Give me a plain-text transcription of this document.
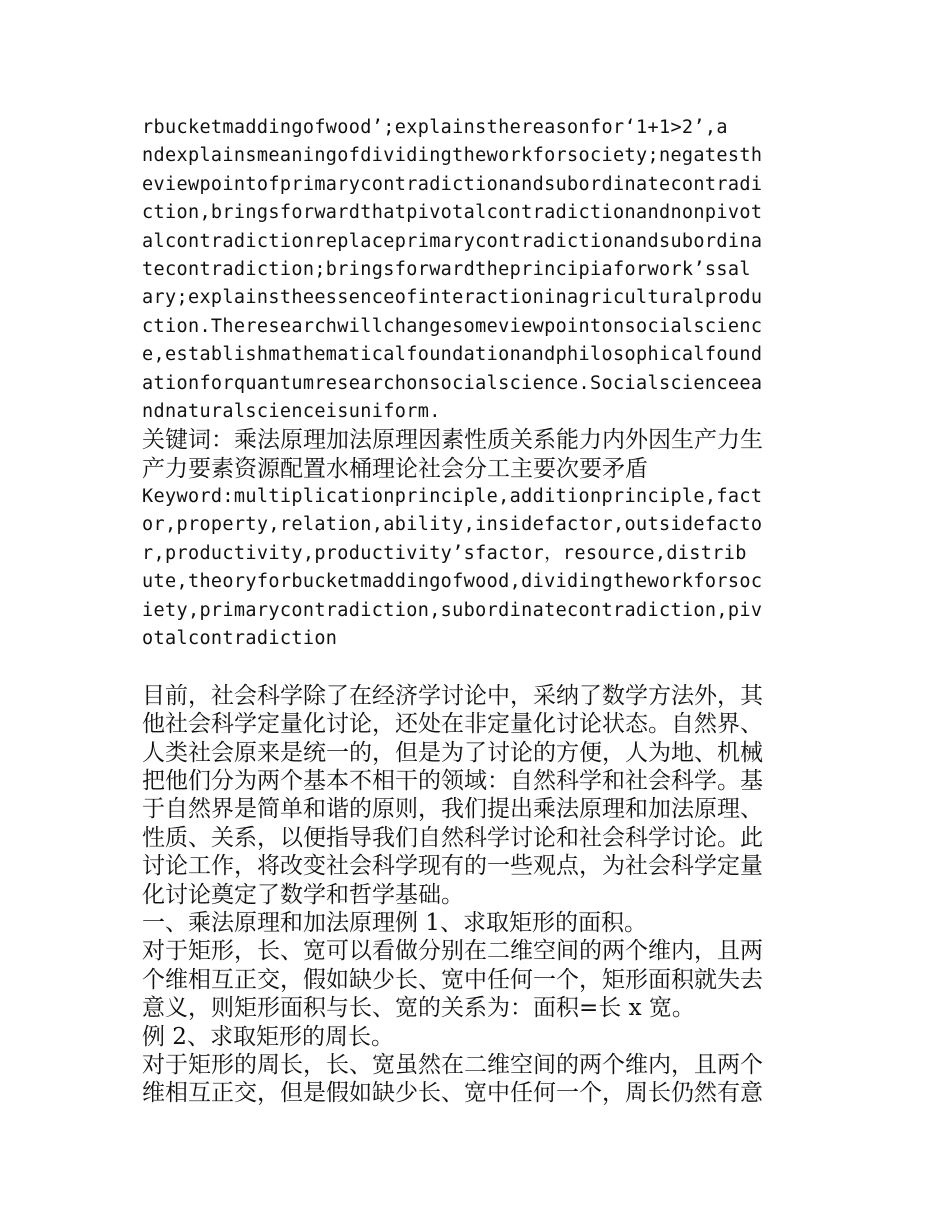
rbucketmaddingofwood’;explainsthereasonfor‘1+1>2’,a
ndexplainsmeaningofdividingtheworkforsociety;negatesth
eviewpointofprimarycontradictionandsubordinatecontradi
ction,bringsforwardthatpivotalcontradictionandnonpivot
alcontradictionreplaceprimarycontradictionandsubordina
tecontradiction;bringsforwardtheprincipiaforwork’ssal
ary;explainstheessenceofinteractioninagriculturalprodu
ction.Theresearchwillchangesomeviewpointonsocialscienc
e,establishmathematicalfoundationandphilosophicalfound
ationforquantumresearchonsocialscience.Socialscienceea
ndnaturalscienceisuniform.
关键词：乘法原理加法原理因素性质关系能力内外因生产力生
产力要素资源配置水桶理论社会分工主要次要矛盾
Keyword:multiplicationprinciple,additionprinciple,fact
or,property,relation,ability,insidefactor,outsidefacto
r,productivity,productivity’sfactor，resource,distrib
ute,theoryforbucketmaddingofwood,dividingtheworkforsoc
iety,primarycontradiction,subordinatecontradiction,piv
otalcontradiction
目前，社会科学除了在经济学讨论中，采纳了数学方法外，其
他社会科学定量化讨论，还处在非定量化讨论状态。自然界、
人类社会原来是统一的，但是为了讨论的方便，人为地、机械
把他们分为两个基本不相干的领域：自然科学和社会科学。基
于自然界是简单和谐的原则，我们提出乘法原理和加法原理、
性质、关系，以便指导我们自然科学讨论和社会科学讨论。此
讨论工作，将改变社会科学现有的一些观点，为社会科学定量
化讨论奠定了数学和哲学基础。
一、乘法原理和加法原理例 1、求取矩形的面积。
对于矩形，长、宽可以看做分别在二维空间的两个维内，且两
个维相互正交，假如缺少长、宽中任何一个，矩形面积就失去
意义，则矩形面积与长、宽的关系为：面积=长 x 宽。
例 2、求取矩形的周长。
对于矩形的周长，长、宽虽然在二维空间的两个维内，且两个
维相互正交，但是假如缺少长、宽中任何一个，周长仍然有意
